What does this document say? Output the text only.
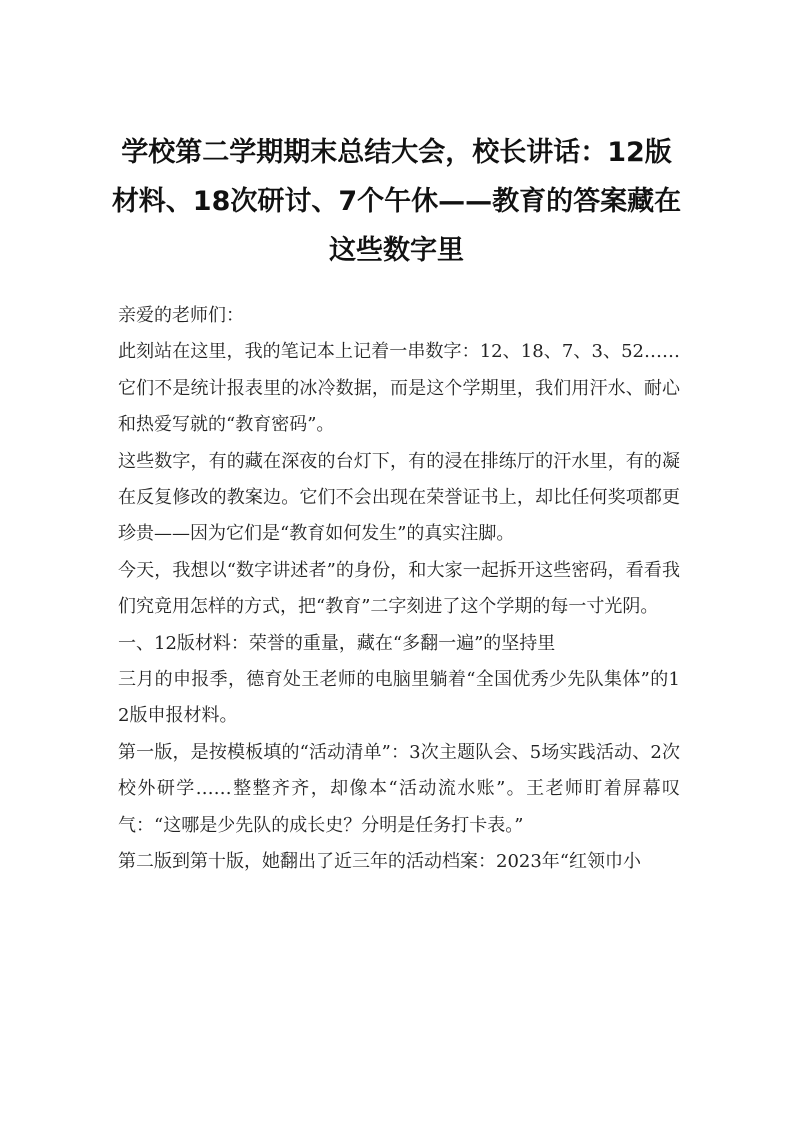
学校第二学期期末总结大会，校长讲话：12版材料、18次研讨、7个午休——教育的答案藏在这些数字里

亲爱的老师们：

此刻站在这里，我的笔记本上记着一串数字：12、18、7、3、52……它们不是统计报表里的冰冷数据，而是这个学期里，我们用汗水、耐心和热爱写就的“教育密码”。

这些数字，有的藏在深夜的台灯下，有的浸在排练厅的汗水里，有的凝在反复修改的教案边。它们不会出现在荣誉证书上，却比任何奖项都更珍贵——因为它们是“教育如何发生”的真实注脚。

今天，我想以“数字讲述者”的身份，和大家一起拆开这些密码，看看我们究竟用怎样的方式，把“教育”二字刻进了这个学期的每一寸光阴。

一、12版材料：荣誉的重量，藏在“多翻一遍”的坚持里

三月的申报季，德育处王老师的电脑里躺着“全国优秀少先队集体”的12版申报材料。

第一版，是按模板填的“活动清单”：3次主题队会、5场实践活动、2次校外研学……整整齐齐，却像本“活动流水账”。王老师盯着屏幕叹气：“这哪是少先队的成长史？分明是任务打卡表。”

第二版到第十版，她翻出了近三年的活动档案：2023年“红领巾小
